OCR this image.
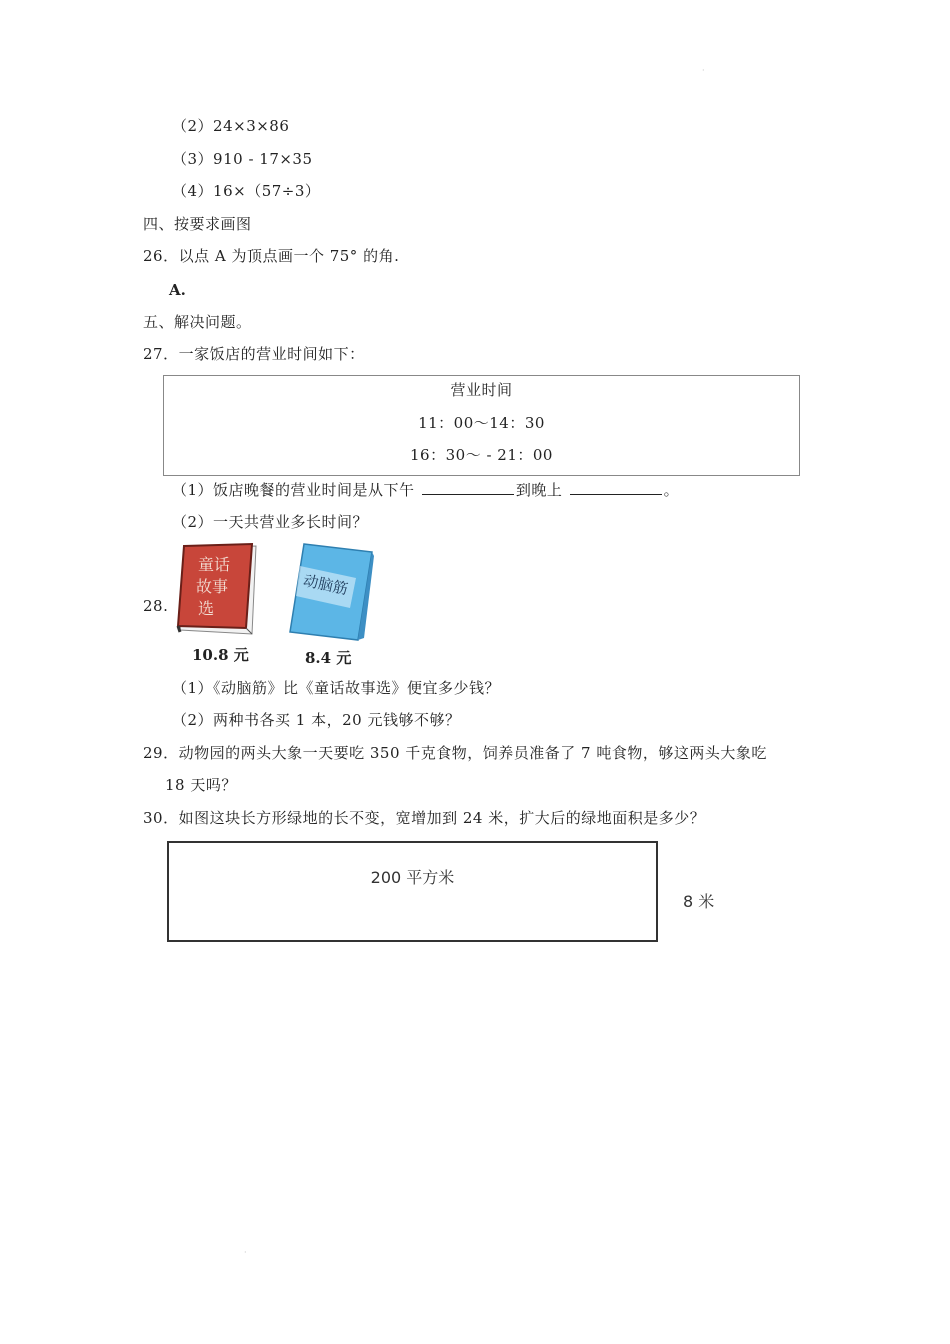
·
（2）24×3×86
（3）910 - 17×35
（4）16×（57÷3）
四、按要求画图
26．以点 A 为顶点画一个 75° 的角.
A.
五、解决问题。
27．一家饭店的营业时间如下：
营业时间
11：00～14：30
16：30～ - 21：00
（1）饭店晚餐的营业时间是从下午	到晚上	。
（2）一天共营业多长时间？
28.
童话
故事
选
10.8 元
动脑筋
8.4 元
（1）《动脑筋》比《童话故事选》便宜多少钱？
（2）两种书各买 1 本，20 元钱够不够？
29．动物园的两头大象一天要吃 350 千克食物，饲养员准备了 7 吨食物，够这两头大象吃
18 天吗？
30．如图这块长方形绿地的长不变，宽增加到 24 米，扩大后的绿地面积是多少？
200 平方米
8 米
·
